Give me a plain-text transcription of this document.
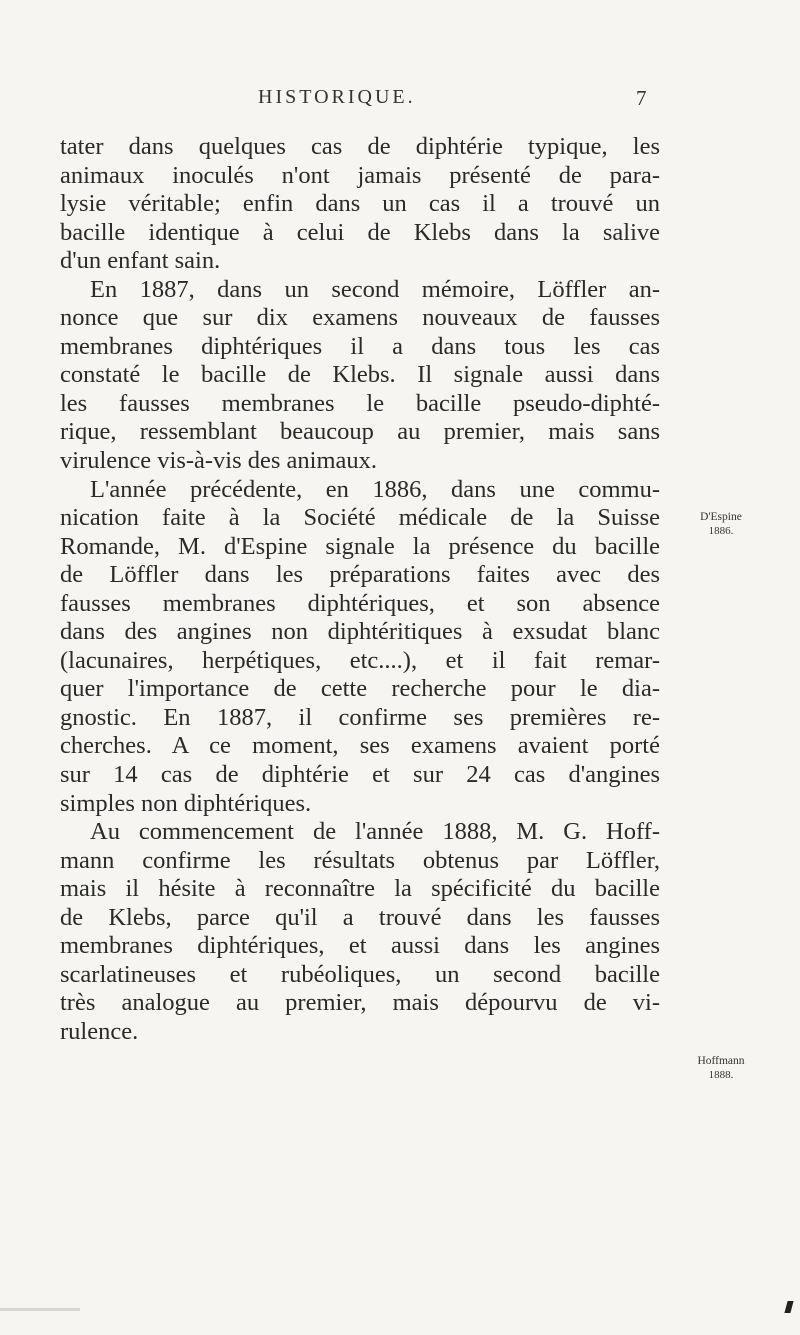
HISTORIQUE.	7
tater dans quelques cas de diphtérie typique, les
animaux inoculés n'ont jamais présenté de para-
lysie véritable; enfin dans un cas il a trouvé un
bacille identique à celui de Klebs dans la salive
d'un enfant sain.
En 1887, dans un second mémoire, Löffler an-
nonce que sur dix examens nouveaux de fausses
membranes diphtériques il a dans tous les cas
constaté le bacille de Klebs. Il signale aussi dans
les fausses membranes le bacille pseudo-diphté-
rique, ressemblant beaucoup au premier, mais sans
virulence vis-à-vis des animaux.
L'année précédente, en 1886, dans une commu-
nication faite à la Société médicale de la Suisse
Romande, M. d'Espine signale la présence du bacille
de Löffler dans les préparations faites avec des
fausses membranes diphtériques, et son absence
dans des angines non diphtéritiques à exsudat blanc
(lacunaires, herpétiques, etc....), et il fait remar-
quer l'importance de cette recherche pour le dia-
gnostic. En 1887, il confirme ses premières re-
cherches. A ce moment, ses examens avaient porté
sur 14 cas de diphtérie et sur 24 cas d'angines
simples non diphtériques.
Au commencement de l'année 1888, M. G. Hoff-
mann confirme les résultats obtenus par Löffler,
mais il hésite à reconnaître la spécificité du bacille
de Klebs, parce qu'il a trouvé dans les fausses
membranes diphtériques, et aussi dans les angines
scarlatineuses et rubéoliques, un second bacille
très analogue au premier, mais dépourvu de vi-
rulence.
D'Espine
1886.
Hoffmann
1888.
